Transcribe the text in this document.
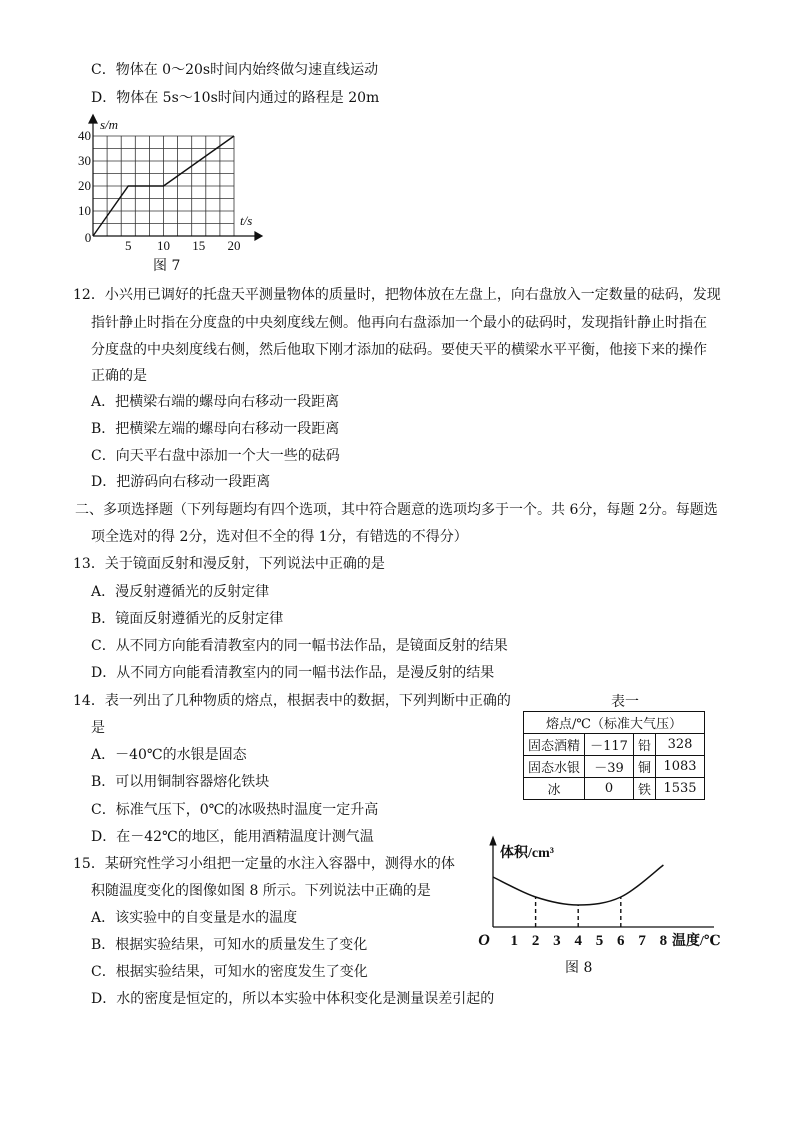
C．物体在 0～20s时间内始终做匀速直线运动
D．物体在 5s～10s时间内通过的路程是 20m
10
20
30
40
5 10 15 20
0
s/m
t/s
图 7
12．小兴用已调好的托盘天平测量物体的质量时，把物体放在左盘上，向右盘放入一定数量的砝码，发现
指针静止时指在分度盘的中央刻度线左侧。他再向右盘添加一个最小的砝码时，发现指针静止时指在
分度盘的中央刻度线右侧，然后他取下刚才添加的砝码。要使天平的横梁水平平衡，他接下来的操作
正确的是
A．把横梁右端的螺母向右移动一段距离
B．把横梁左端的螺母向右移动一段距离
C．向天平右盘中添加一个大一些的砝码
D．把游码向右移动一段距离
二、多项选择题（下列每题均有四个选项，其中符合题意的选项均多于一个。共 6分，每题 2分。每题选
项全选对的得 2分，选对但不全的得 1分，有错选的不得分）
13．关于镜面反射和漫反射，下列说法中正确的是
A．漫反射遵循光的反射定律
B．镜面反射遵循光的反射定律
C．从不同方向能看清教室内的同一幅书法作品，是镜面反射的结果
D．从不同方向能看清教室内的同一幅书法作品，是漫反射的结果
14．表一列出了几种物质的熔点，根据表中的数据，下列判断中正确的
是
A．－40℃的水银是固态
B．可以用铜制容器熔化铁块
C．标准气压下，0℃的冰吸热时温度一定升高
D．在－42℃的地区，能用酒精温度计测气温
表一
熔点/℃（标准大气压）			
固态酒精	－117	铅	328
固态水银	－39	铜	1083
冰	0	铁	1535
15．某研究性学习小组把一定量的水注入容器中，测得水的体
积随温度变化的图像如图 8 所示。下列说法中正确的是
A．该实验中的自变量是水的温度
B．根据实验结果，可知水的质量发生了变化
C．根据实验结果，可知水的密度发生了变化
D．水的密度是恒定的，所以本实验中体积变化是测量误差引起的
1 2 3 4 5 6 7 8
O
体积/cm³
温度/℃
图 8
